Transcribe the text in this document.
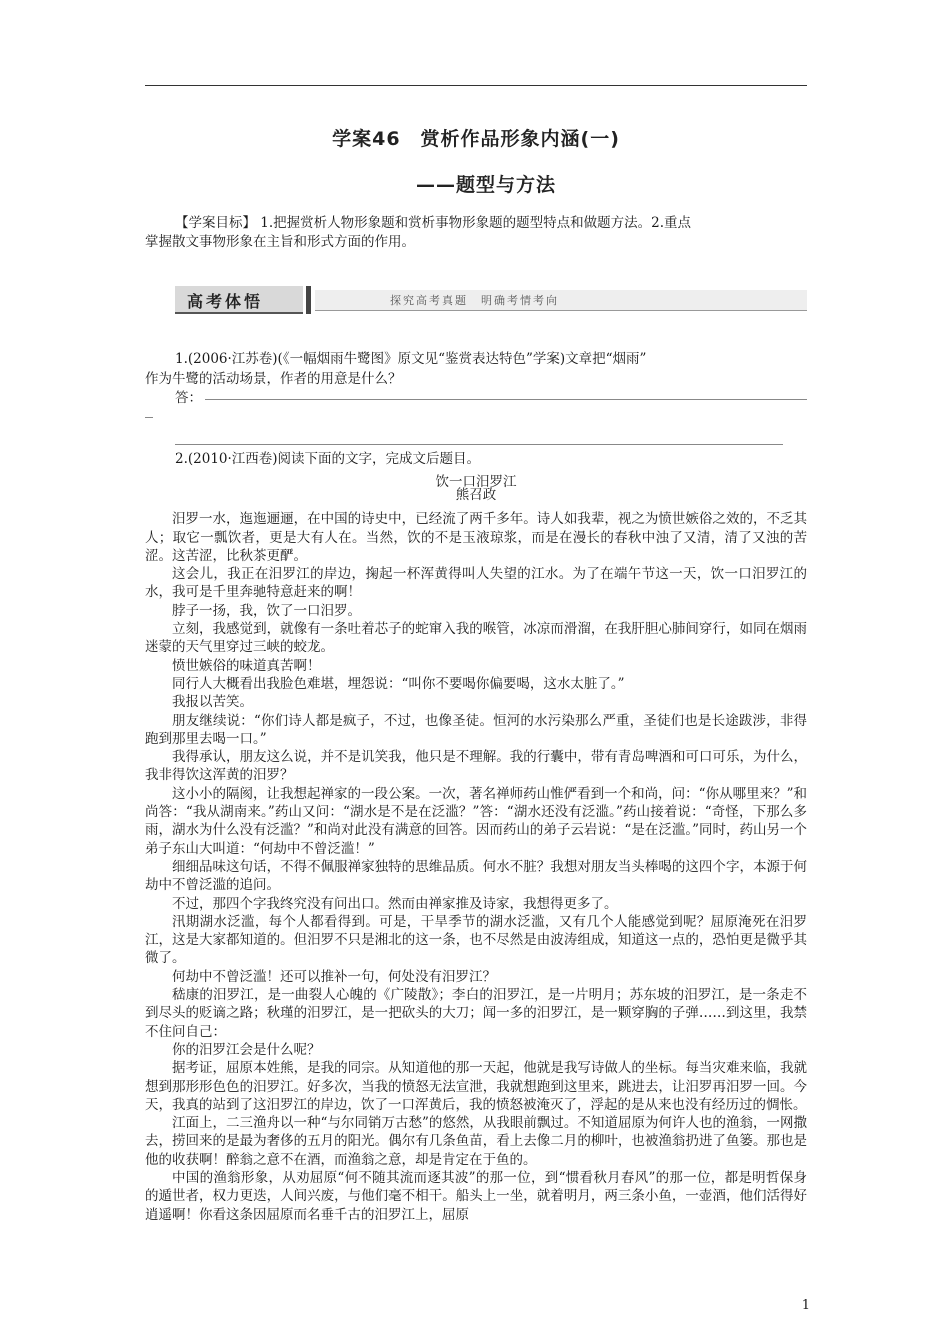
学案46　赏析作品形象内涵(一)
——题型与方法
【学案目标】 1.把握赏析人物形象题和赏析事物形象题的题型特点和做题方法。2.重点
掌握散文事物形象在主旨和形式方面的作用。
高考体悟	探究高考真题　明确考情考向
1.(2006·江苏卷)(《一幅烟雨牛鹭图》原文见“鉴赏表达特色”学案)文章把“烟雨”
作为牛鹭的活动场景，作者的用意是什么？
答：
2.(2010·江西卷)阅读下面的文字，完成文后题目。
饮一口汨罗江
熊召政

汨罗一水，迤迤逦逦，在中国的诗史中，已经流了两千多年。诗人如我辈，视之为愤世嫉俗之效的，不乏其人；取它一瓢饮者，更是大有人在。当然，饮的不是玉液琼浆，而是在漫长的春秋中浊了又清，清了又浊的苦涩。这苦涩，比秋茶更酽。

这会儿，我正在汨罗江的岸边，掬起一杯浑黄得叫人失望的江水。为了在端午节这一天，饮一口汨罗江的水，我可是千里奔驰特意赶来的啊！

脖子一扬，我，饮了一口汨罗。

立刻，我感觉到，就像有一条吐着芯子的蛇窜入我的喉管，冰凉而滑溜，在我肝胆心肺间穿行，如同在烟雨迷蒙的天气里穿过三峡的蛟龙。

愤世嫉俗的味道真苦啊！

同行人大概看出我脸色难堪，埋怨说：“叫你不要喝你偏要喝，这水太脏了。”

我报以苦笑。

朋友继续说：“你们诗人都是疯子，不过，也像圣徒。恒河的水污染那么严重，圣徒们也是长途跋涉，非得跑到那里去喝一口。”

我得承认，朋友这么说，并不是讥笑我，他只是不理解。我的行囊中，带有青岛啤酒和可口可乐，为什么，我非得饮这浑黄的汨罗？

这小小的隔阂，让我想起禅家的一段公案。一次，著名禅师药山惟俨看到一个和尚，问：“你从哪里来？”和尚答：“我从湖南来。”药山又问：“湖水是不是在泛滥？”答：“湖水还没有泛滥。”药山接着说：“奇怪，下那么多雨，湖水为什么没有泛滥？”和尚对此没有满意的回答。因而药山的弟子云岩说：“是在泛滥。”同时，药山另一个弟子东山大叫道：“何劫中不曾泛滥！”

细细品味这句话，不得不佩服禅家独特的思维品质。何水不脏？我想对朋友当头棒喝的这四个字，本源于何劫中不曾泛滥的追问。

不过，那四个字我终究没有问出口。然而由禅家推及诗家，我想得更多了。

汛期湖水泛滥，每个人都看得到。可是，干旱季节的湖水泛滥，又有几个人能感觉到呢？屈原淹死在汨罗江，这是大家都知道的。但汨罗不只是湘北的这一条，也不尽然是由波涛组成，知道这一点的，恐怕更是微乎其微了。

何劫中不曾泛滥！还可以推补一句，何处没有汨罗江？

嵇康的汨罗江，是一曲裂人心魄的《广陵散》；李白的汨罗江，是一片明月；苏东坡的汨罗江，是一条走不到尽头的贬谪之路；秋瑾的汨罗江，是一把砍头的大刀；闻一多的汨罗江，是一颗穿胸的子弹……到这里，我禁不住问自己：

你的汨罗江会是什么呢？

据考证，屈原本姓熊，是我的同宗。从知道他的那一天起，他就是我写诗做人的坐标。每当灾难来临，我就想到那形形色色的汨罗江。好多次，当我的愤怒无法宣泄，我就想跑到这里来，跳进去，让汨罗再汨罗一回。今天，我真的站到了这汨罗江的岸边，饮了一口浑黄后，我的愤怒被淹灭了，浮起的是从来也没有经历过的惆怅。

江面上，二三渔舟以一种“与尔同销万古愁”的悠然，从我眼前飘过。不知道屈原为何许人也的渔翁，一网撒去，捞回来的是最为奢侈的五月的阳光。偶尔有几条鱼苗，看上去像二月的柳叶，也被渔翁扔进了鱼篓。那也是他的收获啊！醉翁之意不在酒，而渔翁之意，却是肯定在于鱼的。

中国的渔翁形象，从劝屈原“何不随其流而逐其波”的那一位，到“惯看秋月春风”的那一位，都是明哲保身的遁世者，权力更迭，人间兴废，与他们毫不相干。船头上一坐，就着明月，两三条小鱼，一壶酒，他们活得好逍遥啊！你看这条因屈原而名垂千古的汨罗江上，屈原

1
